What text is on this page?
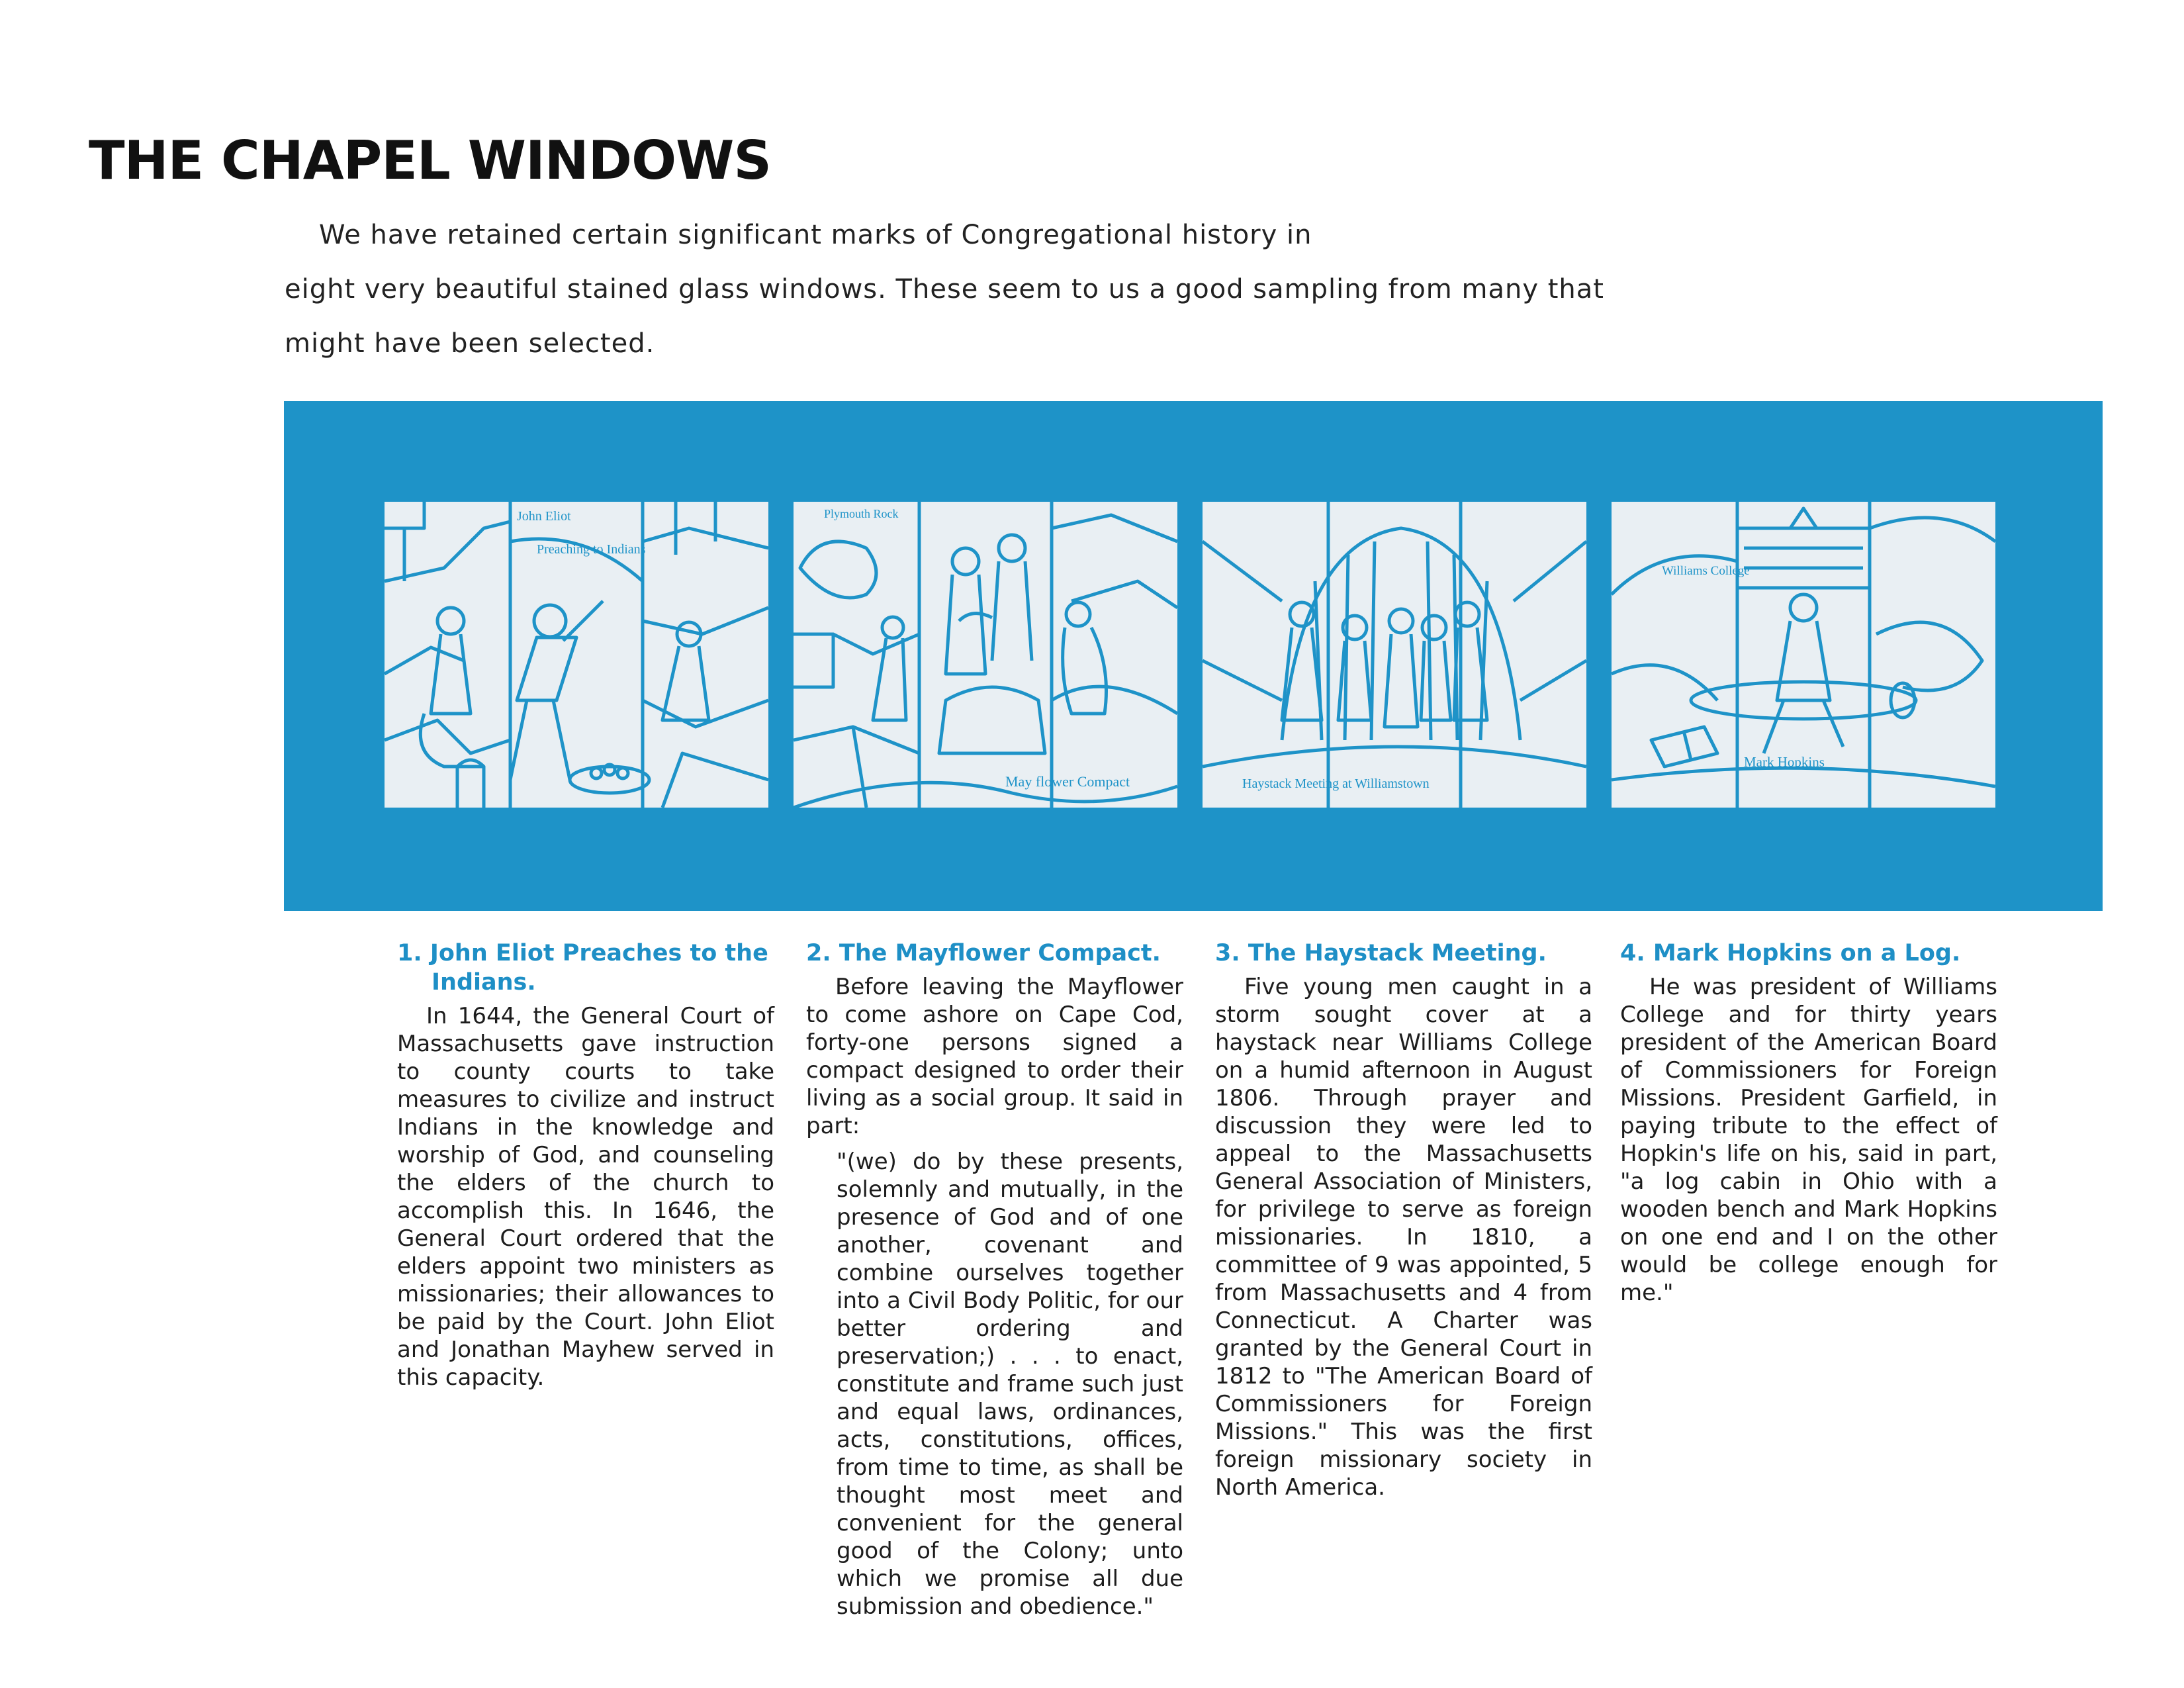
THE CHAPEL WINDOWS
We have retained certain significant marks of Congregational history in
eight very beautiful stained glass windows. These seem to us a good sampling from many that
might have been selected.
John Eliot
Preaching to Indians
Plymouth Rock
May flower Compact	Haystack Meeting at Williamstown
Williams College
Mark Hopkins
1. John Eliot Preaches to the Indians.

In 1644, the General Court of Massachusetts gave instruction to county courts to take measures to civilize and instruct Indians in the knowledge and worship of God, and counseling the elders of the church to accomplish this. In 1646, the General Court ordered that the elders appoint two ministers as missionaries; their allowances to be paid by the Court. John Eliot and Jonathan Mayhew served in this capacity.

2. The Mayflower Compact.

Before leaving the Mayflower to come ashore on Cape Cod, forty-one persons signed a compact designed to order their living as a social group. It said in part:

"(we) do by these presents, solemnly and mutually, in the presence of God and of one another, covenant and combine ourselves together into a Civil Body Politic, for our better ordering and preservation;) . . . to enact, constitute and frame such just and equal laws, ordinances, acts, constitutions, offices, from time to time, as shall be thought most meet and convenient for the general good of the Colony; unto which we promise all due submission and obedience."

3. The Haystack Meeting.

Five young men caught in a storm sought cover at a haystack near Williams College on a humid afternoon in August 1806. Through prayer and discussion they were led to appeal to the Massachusetts General Association of Ministers, for privilege to serve as foreign missionaries. In 1810, a committee of 9 was appointed, 5 from Massachusetts and 4 from Connecticut. A Charter was granted by the General Court in 1812 to "The American Board of Commissioners for Foreign Missions." This was the first foreign missionary society in North America.

4. Mark Hopkins on a Log.

He was president of Williams College and for thirty years president of the American Board of Commissioners for Foreign Missions. President Garfield, in paying tribute to the effect of Hopkin's life on his, said in part, "a log cabin in Ohio with a wooden bench and Mark Hopkins on one end and I on the other would be college enough for me."
